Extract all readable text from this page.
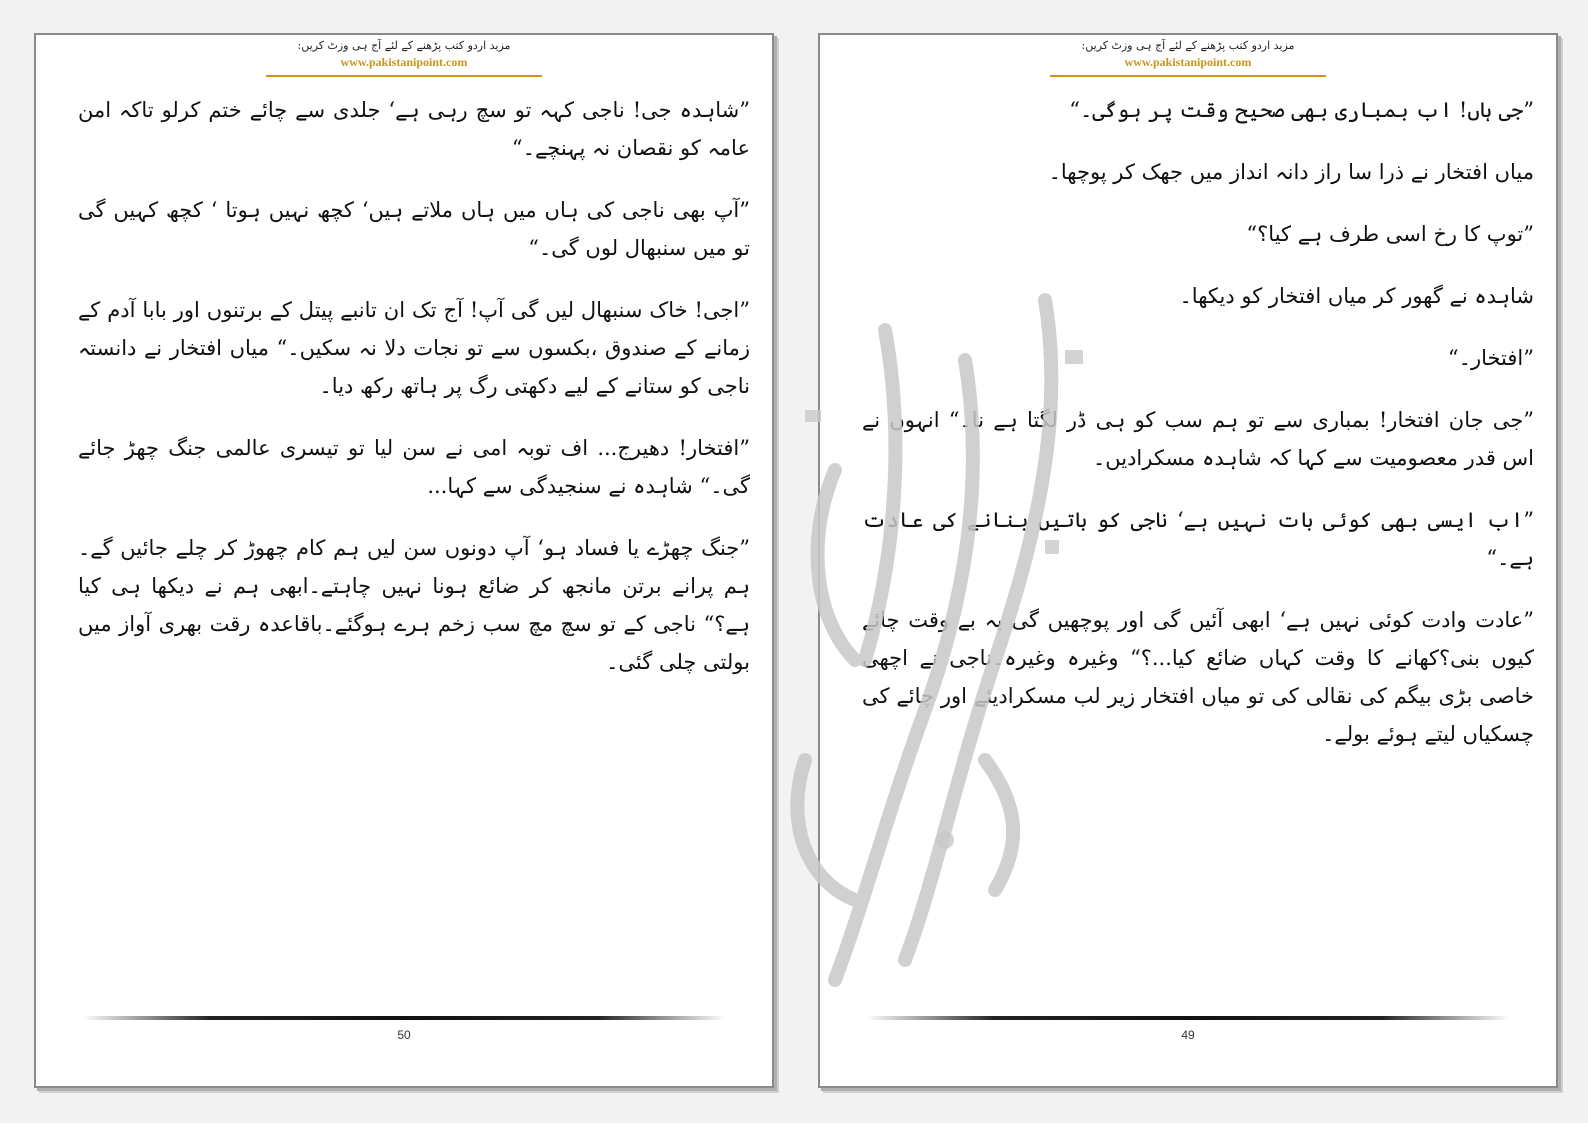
مزید اردو کتب پڑھنے کے لئے آج ہی وزٹ کریں:
www.pakistanipoint.com

”شاہدہ جی! ناجی کہہ تو سچ رہی ہے‘ جلدی سے چائے ختم کرلو تاکہ امن عامہ کو نقصان نہ پہنچے۔“

”آپ بھی ناجی کی ہاں میں ہاں ملاتے ہیں‘ کچھ نہیں ہوتا ‘ کچھ کہیں گی تو میں سنبھال لوں گی۔“

”اجی! خاک سنبھال لیں گی آپ! آج تک ان تانبے پیتل کے برتنوں اور بابا آدم کے زمانے کے صندوق ،بکسوں سے تو نجات دلا نہ سکیں۔“ میاں افتخار نے دانستہ ناجی کو ستانے کے لیے دکھتی رگ پر ہاتھ رکھ دیا۔

”افتخار! دھیرج... اف توبہ امی نے سن لیا تو تیسری عالمی جنگ چھڑ جائے گی۔“ شاہدہ نے سنجیدگی سے کہا...

”جنگ چھڑے یا فساد ہو‘ آپ دونوں سن لیں ہم کام چھوڑ کر چلے جائیں گے۔ہم پرانے برتن مانجھ کر ضائع ہونا نہیں چاہتے۔ابھی ہم نے دیکھا ہی کیا ہے؟“ ناجی کے تو سچ مچ سب زخم ہرے ہوگئے۔باقاعدہ رقت بھری آواز میں بولتی چلی گئی۔

50
مزید اردو کتب پڑھنے کے لئے آج ہی وزٹ کریں:
www.pakistanipoint.com

”جی ہاں! اب بمباری بھی صحیح وقت پر ہوگی۔“

میاں افتخار نے ذرا سا راز دانہ انداز میں جھک کر پوچھا۔

”توپ کا رخ اسی طرف ہے کیا؟“

شاہدہ نے گھور کر میاں افتخار کو دیکھا۔

”افتخار۔“

”جی جان افتخار! بمباری سے تو ہم سب کو ہی ڈر لگتا ہے نا۔“ انہوں نے اس قدر معصومیت سے کہا کہ شاہدہ مسکرادیں۔

”اب ایسی بھی کوئی بات نہیں ہے‘ ناجی کو باتیں بنانے کی عادت ہے۔“

”عادت وادت کوئی نہیں ہے‘ ابھی آئیں گی اور پوچھیں گی یہ بے وقت چائے کیوں بنی؟کھانے کا وقت کہاں ضائع کیا...؟“ وغیرہ وغیرہ۔ناجی نے اچھی خاصی بڑی بیگم کی نقالی کی تو میاں افتخار زیر لب مسکرادیئے اور چائے کی چسکیاں لیتے ہوئے بولے۔

49
